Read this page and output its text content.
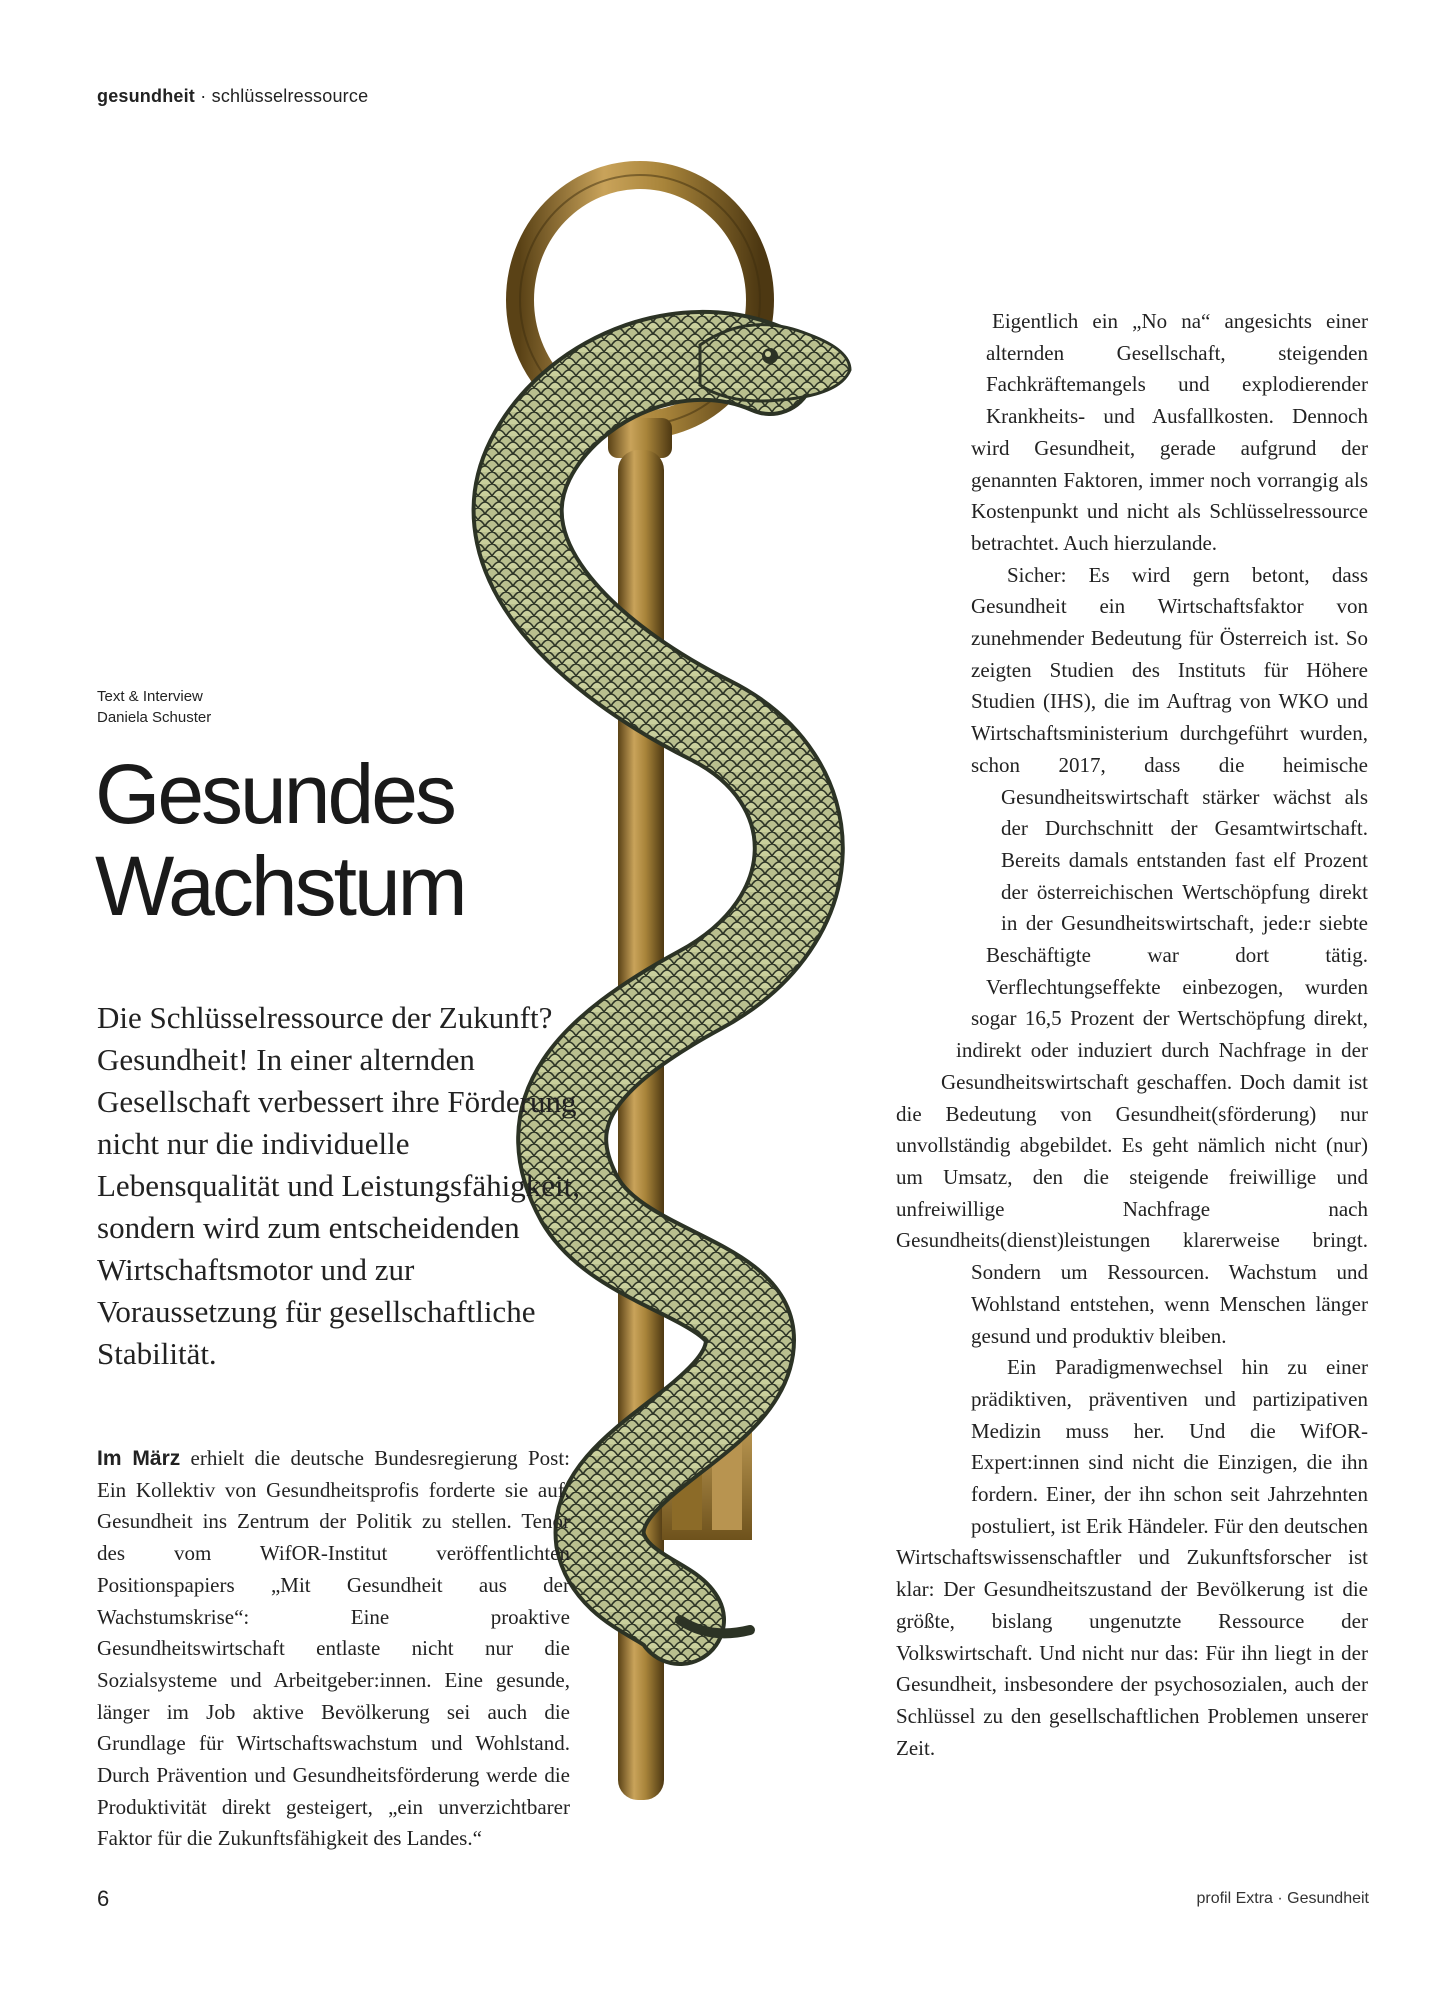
gesundheit · schlüsselressource
Text & Interview
Daniela Schuster
Gesundes
Wachstum

Die Schlüsselressource der Zukunft? Gesundheit! In einer alternden Gesellschaft verbessert ihre Förderung nicht nur die individuelle Lebensqualität und Leistungsfähigkeit, sondern wird zum entscheidenden Wirtschaftsmotor und zur Voraussetzung für gesellschaftliche Stabilität.

Im März erhielt die deutsche Bundesregierung Post: Ein Kollektiv von Gesundheitsprofis forderte sie auf, Gesundheit ins Zentrum der Politik zu stellen. Tenor des vom WifOR-Institut veröffentlichten Positionspapiers „Mit Gesundheit aus der Wachstumskrise“: Eine proaktive Gesundheitswirtschaft entlaste nicht nur die Sozialsysteme und Arbeitgeber:innen. Eine gesunde, länger im Job aktive Bevölkerung sei auch die Grundlage für Wirtschaftswachstum und Wohlstand. Durch Prävention und Gesundheitsförderung werde die Produktivität direkt gesteigert, „ein unverzichtbarer Faktor für die Zukunftsfähigkeit des Landes.“

Eigentlich ein „No na“ angesichts einer alternden Gesellschaft, steigenden Fachkräftemangels und explodierender Krankheits- und Ausfallkosten. Dennoch wird Gesundheit, gerade aufgrund der genannten Faktoren, immer noch vorrangig als Kostenpunkt und nicht als Schlüsselressource betrachtet. Auch hierzulande.

Sicher: Es wird gern betont, dass Gesundheit ein Wirtschaftsfaktor von zunehmender Bedeutung für Österreich ist. So zeigten Studien des Instituts für Höhere Studien (IHS), die im Auftrag von WKO und Wirtschaftsministerium durchgeführt wurden, schon 2017, dass die heimische Gesundheitswirtschaft stärker wächst als der Durchschnitt der Gesamtwirtschaft. Bereits damals entstanden fast elf Prozent der österreichischen Wertschöpfung direkt in der Gesundheitswirtschaft, jede:r siebte Beschäftigte war dort tätig. Verflechtungseffekte einbezogen, wurden sogar 16,5 Prozent der Wertschöpfung direkt, indirekt oder induziert durch Nachfrage in der Gesundheitswirtschaft geschaffen. Doch damit ist die Bedeutung von Gesundheit(sförderung) nur unvollständig abgebildet. Es geht nämlich nicht (nur) um Umsatz, den die steigende freiwillige und unfreiwillige Nachfrage nach Gesundheits(dienst)leistungen klarerweise bringt. Sondern um Ressourcen. Wachstum und Wohlstand entstehen, wenn Menschen länger gesund und produktiv bleiben.

Ein Paradigmenwechsel hin zu einer prädiktiven, präventiven und partizipativen Medizin muss her. Und die WifOR-Expert:innen sind nicht die Einzigen, die ihn fordern. Einer, der ihn schon seit Jahrzehnten postuliert, ist Erik Händeler. Für den deutschen Wirtschaftswissenschaftler und Zukunftsforscher ist klar: Der Gesundheitszustand der Bevölkerung ist die größte, bislang ungenutzte Ressource der Volkswirtschaft. Und nicht nur das: Für ihn liegt in der Gesundheit, insbesondere der psychosozialen, auch der Schlüssel zu den gesellschaftlichen Problemen unserer Zeit.

6	profil Extra · Gesundheit
